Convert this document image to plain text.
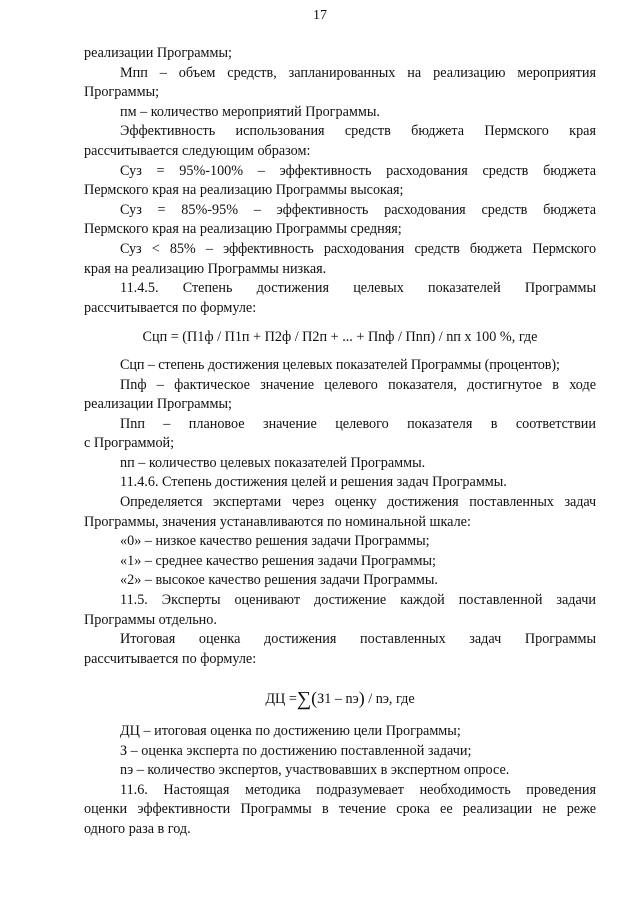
17

реализации Программы;

Мпп – объем средств, запланированных на реализацию мероприятия

Программы;

пм – количество мероприятий Программы.

Эффективность использования средств бюджета Пермского края

рассчитывается следующим образом:

Суз = 95%-100% – эффективность расходования средств бюджета

Пермского края на реализацию Программы высокая;

Суз = 85%-95% – эффективность расходования средств бюджета

Пермского края на реализацию Программы средняя;

Суз < 85% – эффективность расходования средств бюджета Пермского

края на реализацию Программы низкая.

11.4.5. Степень достижения целевых показателей Программы

рассчитывается по формуле:

Сцп = (П1ф / П1п + П2ф / П2п + ... + Пnф / Пnп) / nп х 100 %, где

Сцп – степень достижения целевых показателей Программы (процентов);

Пnф – фактическое значение целевого показателя, достигнутое в ходе

реализации Программы;

Пnп – плановое значение целевого показателя в соответствии

с Программой;

nп – количество целевых показателей Программы.

11.4.6. Степень достижения целей и решения задач Программы.

Определяется экспертами через оценку достижения поставленных задач

Программы, значения устанавливаются по номинальной шкале:

«0» – низкое качество решения задачи Программы;

«1» – среднее качество решения задачи Программы;

«2» – высокое качество решения задачи Программы.

11.5. Эксперты оценивают достижение каждой поставленной задачи

Программы отдельно.

Итоговая оценка достижения поставленных задач Программы

рассчитывается по формуле:

ДЦ =∑(З1 – nэ) / nэ, где

ДЦ – итоговая оценка по достижению цели Программы;

З – оценка эксперта по достижению поставленной задачи;

nэ – количество экспертов, участвовавших в экспертном опросе.

11.6. Настоящая методика подразумевает необходимость проведения

оценки эффективности Программы в течение срока ее реализации не реже

одного раза в год.
